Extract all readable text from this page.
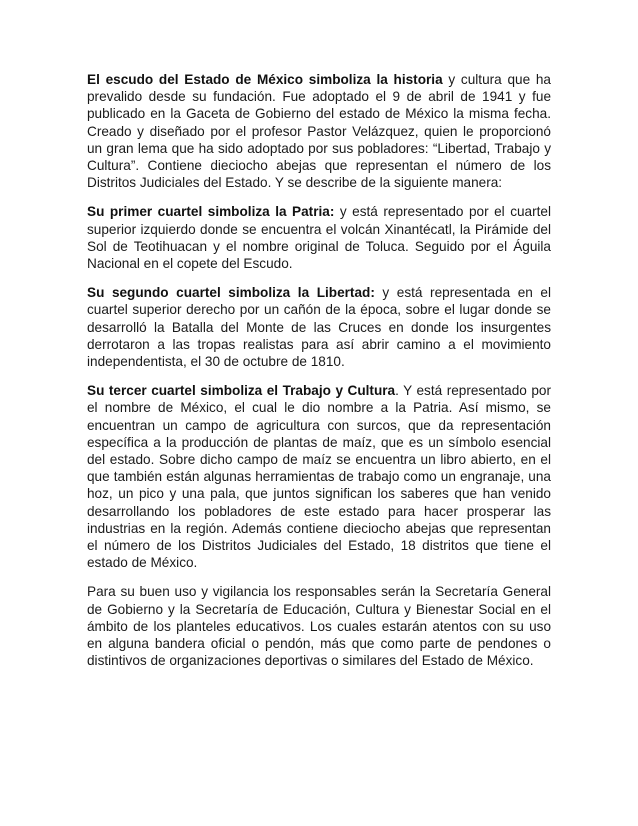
El escudo del Estado de México simboliza la historia y cultura que ha prevalido desde su fundación. Fue adoptado el 9 de abril de 1941 y fue publicado en la Gaceta de Gobierno del estado de México la misma fecha. Creado y diseñado por el profesor Pastor Velázquez, quien le proporcionó un gran lema que ha sido adoptado por sus pobladores: “Libertad, Trabajo y Cultura”. Contiene dieciocho abejas que representan el número de los Distritos Judiciales del Estado. Y se describe de la siguiente manera:

Su primer cuartel simboliza la Patria: y está representado por el cuartel superior izquierdo donde se encuentra el volcán Xinantécatl, la Pirámide del Sol de Teotihuacan y el nombre original de Toluca. Seguido por el Águila Nacional en el copete del Escudo.

Su segundo cuartel simboliza la Libertad: y está representada en el cuartel superior derecho por un cañón de la época, sobre el lugar donde se desarrolló la Batalla del Monte de las Cruces en donde los insurgentes derrotaron a las tropas realistas para así abrir camino a el movimiento independentista, el 30 de octubre de 1810.

Su tercer cuartel simboliza el Trabajo y Cultura. Y está representado por el nombre de México, el cual le dio nombre a la Patria. Así mismo, se encuentran un campo de agricultura con surcos, que da representación específica a la producción de plantas de maíz, que es un símbolo esencial del estado. Sobre dicho campo de maíz se encuentra un libro abierto, en el que también están algunas herramientas de trabajo como un engranaje, una hoz, un pico y una pala, que juntos significan los saberes que han venido desarrollando los pobladores de este estado para hacer prosperar las industrias en la región. Además contiene dieciocho abejas que representan el número de los Distritos Judiciales del Estado, 18 distritos que tiene el estado de México.

Para su buen uso y vigilancia los responsables serán la Secretaría General de Gobierno y la Secretaría de Educación, Cultura y Bienestar Social en el ámbito de los planteles educativos. Los cuales estarán atentos con su uso en alguna bandera oficial o pendón, más que como parte de pendones o distintivos de organizaciones deportivas o similares del Estado de México.
